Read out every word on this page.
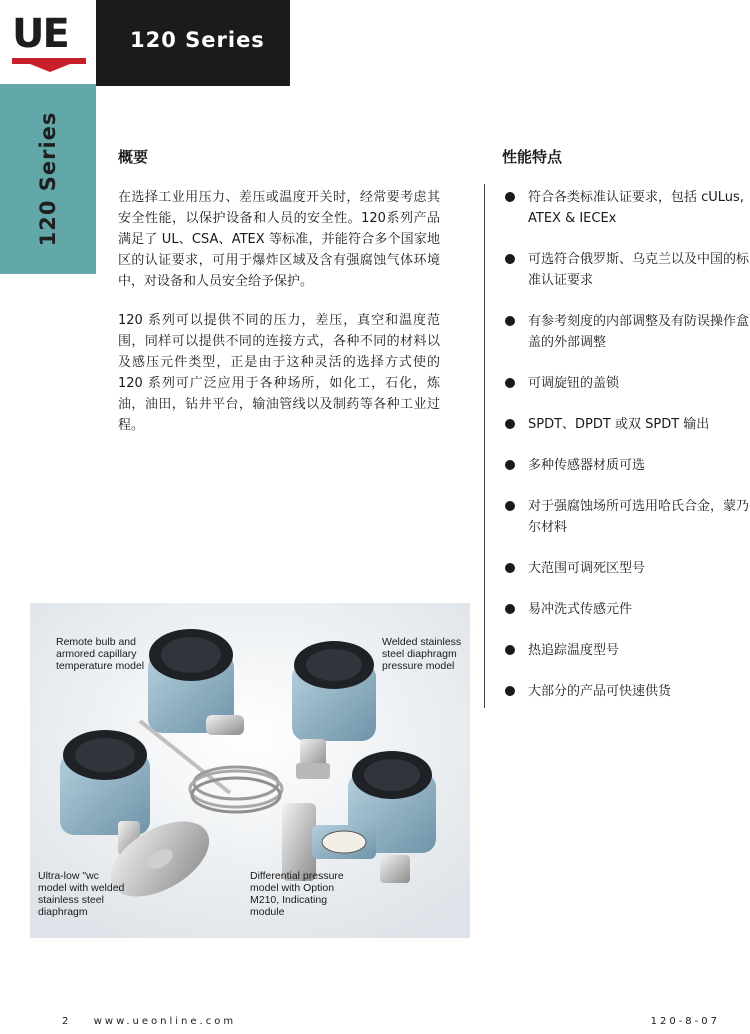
UE	120 Series
120 Series	概要

在选择工业用压力、差压或温度开关时，经常要考虑其安全性能，以保护设备和人员的安全性。120系列产品满足了 UL、CSA、ATEX 等标准，并能符合多个国家地区的认证要求，可用于爆炸区域及含有强腐蚀气体环境中，对设备和人员安全给予保护。

120 系列可以提供不同的压力，差压，真空和温度范围，同样可以提供不同的连接方式，各种不同的材料以及感压元件类型，正是由于这种灵活的选择方式使的 120 系列可广泛应用于各种场所，如化工，石化，炼油，油田，钻井平台，输油管线以及制药等各种工业过程。

性能特点
符合各类标准认证要求，包括 cULus, ATEX & IECEx
可选符合俄罗斯、乌克兰以及中国的标准认证要求
有参考刻度的内部调整及有防误操作盒盖的外部调整
可调旋钮的盖锁
SPDT、DPDT 或双 SPDT 输出
多种传感器材质可选
对于强腐蚀场所可选用哈氏合金，蒙乃尔材料
大范围可调死区型号
易冲洗式传感元件
热追踪温度型号
大部分的产品可快速供货
Remote bulb and
armored capillary
temperature model
Welded stainless
steel diaphragm
pressure model
Ultra-low "wc
model with welded
stainless steel
diaphragm
Differential pressure
model with Option
M210, Indicating
module
2 www.ueonline.com	120-8-07
